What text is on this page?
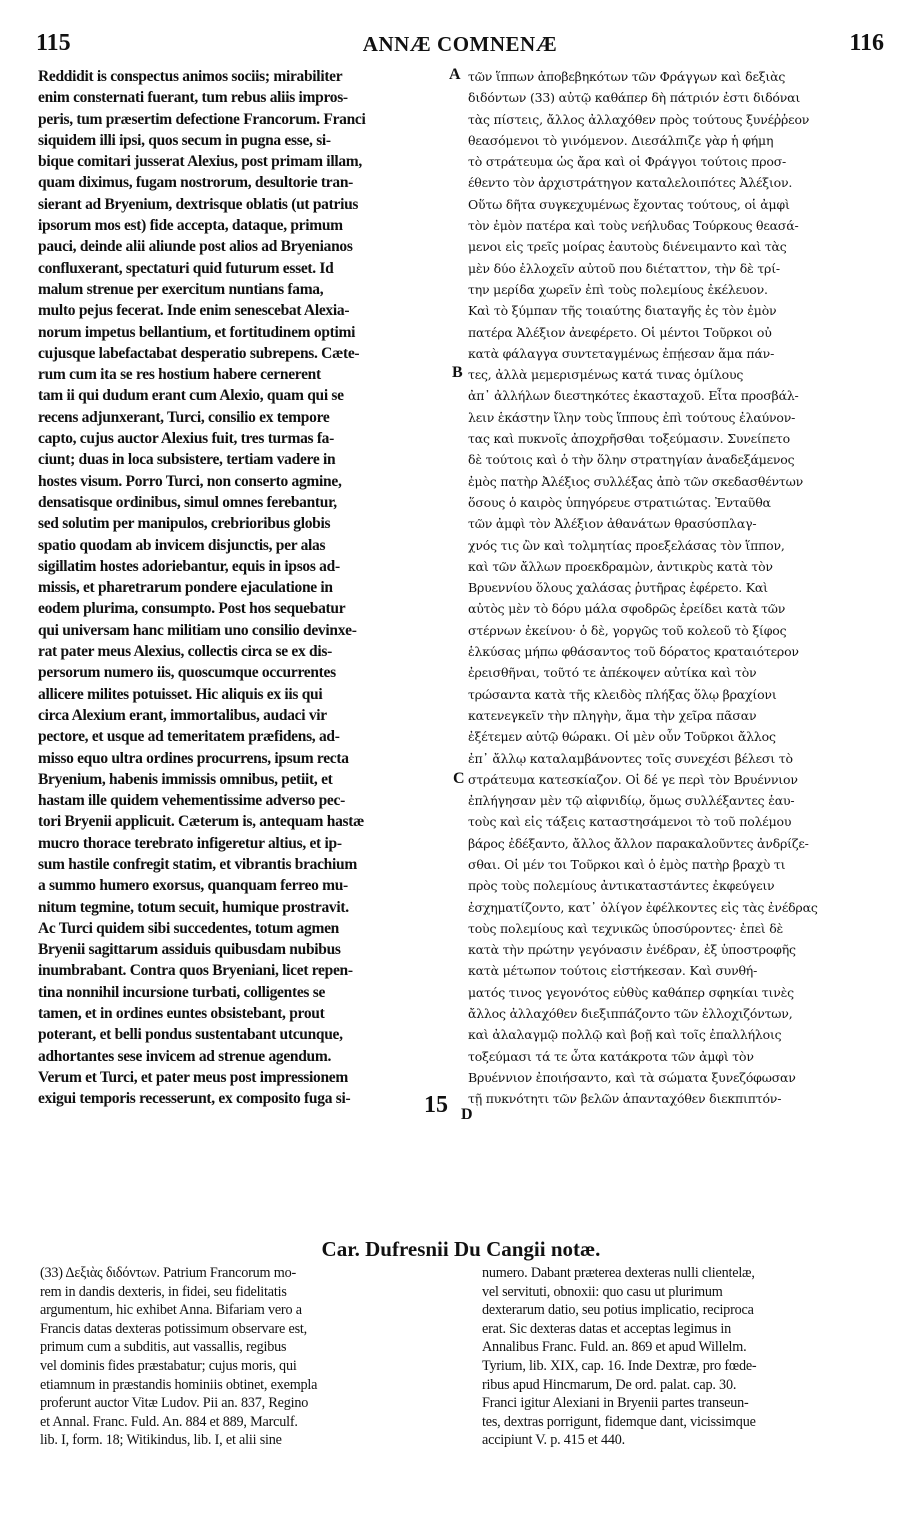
115	ANNÆ COMNENÆ	116
Reddidit is conspectus animos sociis; mirabiliter
enim consternati fuerant, tum rebus aliis impros-
peris, tum præsertim defectione Francorum. Franci
siquidem illi ipsi, quos secum in pugna esse, si-
bique comitari jusserat Alexius, post primam illam,
quam diximus, fugam nostrorum, desultorie tran-
sierant ad Bryenium, dextrisque oblatis (ut patrius
ipsorum mos est) fide accepta, dataque, primum
pauci, deinde alii aliunde post alios ad Bryenianos
confluxerant, spectaturi quid futurum esset. Id
malum strenue per exercitum nuntians fama,
multo pejus fecerat. Inde enim senescebat Alexia-
norum impetus bellantium, et fortitudinem optimi
cujusque labefactabat desperatio subrepens. Cæte-
rum cum ita se res hostium habere cernerent
tam ii qui dudum erant cum Alexio, quam qui se
recens adjunxerant, Turci, consilio ex tempore
capto, cujus auctor Alexius fuit, tres turmas fa-
ciunt; duas in loca subsistere, tertiam vadere in
hostes visum. Porro Turci, non conserto agmine,
densatisque ordinibus, simul omnes ferebantur,
sed solutim per manipulos, crebrioribus globis
spatio quodam ab invicem disjunctis, per alas
sigillatim hostes adoriebantur, equis in ipsos ad-
missis, et pharetrarum pondere ejaculatione in
eodem plurima, consumpto. Post hos sequebatur
qui universam hanc militiam uno consilio devinxe-
rat pater meus Alexius, collectis circa se ex dis-
persorum numero iis, quoscumque occurrentes
allicere milites potuisset. Hic aliquis ex iis qui
circa Alexium erant, immortalibus, audaci vir
pectore, et usque ad temeritatem præfidens, ad-
misso equo ultra ordines procurrens, ipsum recta
Bryenium, habenis immissis omnibus, petiit, et
hastam ille quidem vehementissime adverso pec-
tori Bryenii applicuit. Cæterum is, antequam hastæ
mucro thorace terebrato infigeretur altius, et ip-
sum hastile confregit statim, et vibrantis brachium
a summo humero exorsus, quanquam ferreo mu-
nitum tegmine, totum secuit, humique prostravit.
Ac Turci quidem sibi succedentes, totum agmen
Bryenii sagittarum assiduis quibusdam nubibus
inumbrabant. Contra quos Bryeniani, licet repen-
tina nonnihil incursione turbati, colligentes se
tamen, et in ordines euntes obsistebant, prout
poterant, et belli pondus sustentabant utcunque,
adhortantes sese invicem ad strenue agendum.
Verum et Turci, et pater meus post impressionem
exigui temporis recesserunt, ex composito fuga si-
τῶν ἵππων ἀποβεβηκότων τῶν Φράγγων καὶ δεξιὰς
διδόντων (33) αὐτῷ καθάπερ δὴ πάτριόν ἐστι διδόναι
τὰς πίστεις, ἄλλος ἀλλαχόθεν πρὸς τούτους ξυνέῤῥεον
θεασόμενοι τὸ γινόμενον. Διεσάλπιζε γὰρ ἡ φήμη
τὸ στράτευμα ὡς ἄρα καὶ οἱ Φράγγοι τούτοις προσ-
έθεντο τὸν ἀρχιστράτηγον καταλελοιπότες Ἀλέξιον.
Οὕτω δῆτα συγκεχυμένως ἔχοντας τούτους, οἱ ἀμφὶ
τὸν ἐμὸν πατέρα καὶ τοὺς νεήλυδας Τούρκους θεασά-
μενοι εἰς τρεῖς μοίρας ἑαυτοὺς διένειμαντο καὶ τὰς
μὲν δύο ἐλλοχεῖν αὐτοῦ που διέταττον, τὴν δὲ τρί-
την μερίδα χωρεῖν ἐπὶ τοὺς πολεμίους ἐκέλευον.
Καὶ τὸ ξύμπαν τῆς τοιαύτης διαταγῆς ἐς τὸν ἐμὸν
πατέρα Ἀλέξιον ἀνεφέρετο. Οἱ μέντοι Τοῦρκοι οὐ
κατὰ φάλαγγα συντεταγμένως ἐπῄεσαν ἅμα πάν-
τες, ἀλλὰ μεμερισμένως κατά τινας ὁμίλους
ἀπ᾽ ἀλλήλων διεστηκότες ἑκασταχοῦ. Εἶτα προσβάλ-
λειν ἑκάστην ἴλην τοὺς ἵππους ἐπὶ τούτους ἐλαύνον-
τας καὶ πυκνοῖς ἀποχρῆσθαι τοξεύμασιν. Συνείπετο
δὲ τούτοις καὶ ὁ τὴν ὅλην στρατηγίαν ἀναδεξάμενος
ἐμὸς πατὴρ Ἀλέξιος συλλέξας ἀπὸ τῶν σκεδασθέντων
ὅσους ὁ καιρὸς ὑπηγόρευε στρατιώτας. Ἐνταῦθα
τῶν ἀμφὶ τὸν Ἀλέξιον ἀθανάτων θρασύσπλαγ-
χνός τις ὢν καὶ τολμητίας προεξελάσας τὸν ἵππον,
καὶ τῶν ἄλλων προεκδραμὼν, ἀντικρὺς κατὰ τὸν
Βρυεννίου ὅλους χαλάσας ῥυτῆρας ἐφέρετο. Καὶ
αὐτὸς μὲν τὸ δόρυ μάλα σφοδρῶς ἐρείδει κατὰ τῶν
στέρνων ἐκείνου· ὁ δὲ, γοργῶς τοῦ κολεοῦ τὸ ξίφος
ἑλκύσας μήπω φθάσαντος τοῦ δόρατος κραταιότερον
ἐρεισθῆναι, τοῦτό τε ἀπέκοψεν αὐτίκα καὶ τὸν
τρώσαντα κατὰ τῆς κλειδὸς πλήξας ὅλῳ βραχίονι
κατενεγκεῖν τὴν πληγὴν, ἅμα τὴν χεῖρα πᾶσαν
ἐξέτεμεν αὐτῷ θώρακι. Οἱ μὲν οὖν Τοῦρκοι ἄλλος
ἐπ᾽ ἄλλῳ καταλαμβάνοντες τοῖς συνεχέσι βέλεσι τὸ
στράτευμα κατεσκίαζον. Οἱ δέ γε περὶ τὸν Βρυέννιον
ἐπλήγησαν μὲν τῷ αἰφνιδίῳ, ὅμως συλλέξαντες ἑαυ-
τοὺς καὶ εἰς τάξεις καταστησάμενοι τὸ τοῦ πολέμου
βάρος ἐδέξαντο, ἄλλος ἄλλον παρακαλοῦντες ἀνδρίζε-
σθαι. Οἱ μέν τοι Τοῦρκοι καὶ ὁ ἐμὸς πατὴρ βραχὺ τι
πρὸς τοὺς πολεμίους ἀντικαταστάντες ἐκφεύγειν
ἐσχηματίζοντο, κατ᾽ ὀλίγον ἐφέλκοντες εἰς τὰς ἐνέδρας
τοὺς πολεμίους καὶ τεχνικῶς ὑποσύροντες· ἐπεὶ δὲ
κατὰ τὴν πρώτην γεγόνασιν ἐνέδραν, ἐξ ὑποστροφῆς
κατὰ μέτωπον τούτοις εἰστήκεσαν. Καὶ συνθή-
ματός τινος γεγονότος εὐθὺς καθάπερ σφηκίαι τινὲς
ἄλλος ἀλλαχόθεν διεξιππάζοντο τῶν ἐλλοχιζόντων,
καὶ ἀλαλαγμῷ πολλῷ καὶ βοῇ καὶ τοῖς ἐπαλλήλοις
τοξεύμασι τά τε ὦτα κατάκροτα τῶν ἀμφὶ τὸν
Βρυέννιον ἐποιήσαντο, καὶ τὰ σώματα ξυνεζόφωσαν
τῇ πυκνότητι τῶν βελῶν ἁπανταχόθεν διεκπιπτόν-
A
B
C
D
15
Car. Dufresnii Du Cangii notæ.
(33) Δεξιὰς διδόντων. Patrium Francorum mo-
rem in dandis dexteris, in fidei, seu fidelitatis
argumentum, hic exhibet Anna. Bifariam vero a
Francis datas dexteras potissimum observare est,
primum cum a subditis, aut vassallis, regibus
vel dominis fides præstabatur; cujus moris, qui
etiamnum in præstandis hominiis obtinet, exempla
proferunt auctor Vitæ Ludov. Pii an. 837, Regino
et Annal. Franc. Fuld. An. 884 et 889, Marculf.
lib. I, form. 18; Witikindus, lib. I, et alii sine
numero. Dabant præterea dexteras nulli clientelæ,
vel servituti, obnoxii: quo casu ut plurimum
dexterarum datio, seu potius implicatio, reciproca
erat. Sic dexteras datas et acceptas legimus in
Annalibus Franc. Fuld. an. 869 et apud Willelm.
Tyrium, lib. XIX, cap. 16. Inde Dextræ, pro fœde-
ribus apud Hincmarum, De ord. palat. cap. 30.
Franci igitur Alexiani in Bryenii partes transeun-
tes, dextras porrigunt, fidemque dant, vicissimque
accipiunt V. p. 415 et 440.
